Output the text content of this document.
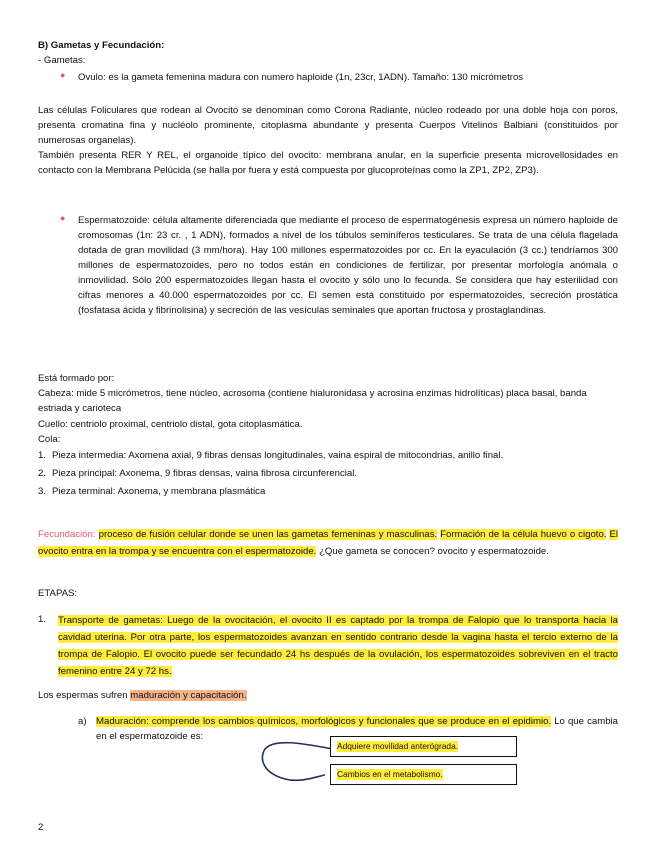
B) Gametas y Fecundación:
- Gametas:
● Ovulo: es la gameta femenina madura con numero haploide (1n, 23cr, 1ADN). Tamaño: 130 micrómetros
Las células Foliculares que rodean al Ovocito se denominan como Corona Radiante, núcleo rodeado por una doble hoja con poros, presenta cromatina fina y nucléolo prominente, citoplasma abundante y presenta Cuerpos Vitelinos Balbiani (constituidos por numerosas organelas).
También presenta RER Y REL, el organoide típico del ovocito: membrana anular, en la superficie presenta microvellosidades en contacto con la Membrana Pelúcida (se halla por fuera y está compuesta por glucoproteínas como la ZP1, ZP2, ZP3).
● Espermatozoide: célula altamente diferenciada que mediante el proceso de espermatogénesis expresa un número haploide de cromosomas (1n: 23 cr. , 1 ADN), formados a nivel de los túbulos seminíferos testiculares. Se trata de una célula flagelada dotada de gran movilidad (3 mm/hora). Hay 100 millones espermatozoides por cc. En la eyaculación (3 cc.) tendríamos 300 millones de espermatozoides, pero no todos están en condiciones de fertilizar, por presentar morfología anómala o inmovilidad. Sólo 200 espermatozoides llegan hasta el ovocito y sólo uno lo fecunda. Se considera que hay esterilidad con cifras menores a 40.000 espermatozoides por cc. El semen está constituido por espermatozoides, secreción prostática (fosfatasa ácida y fibrinolisina) y secreción de las vesículas seminales que aportan fructosa y prostaglandinas.
Está formado por:
Cabeza: mide 5 micrómetros, tiene núcleo, acrosoma (contiene hialuronidasa y acrosina enzimas hidrolíticas) placa basal, banda estriada y carioteca
Cuello: centriolo proximal, centriolo distal, gota citoplasmática.
Cola:
1. Pieza intermedia: Axomena axial, 9 fibras densas longitudinales, vaina espiral de mitocondrias, anillo final.
2. Pieza principal: Axonema, 9 fibras densas, vaina fibrosa circunferencial.
3. Pieza terminal: Axonema, y membrana plasmática
Fecundación: proceso de fusión celular donde se unen las gametas femeninas y masculinas. Formación de la célula huevo o cigoto. El ovocito entra en la trompa y se encuentra con el espermatozoide. ¿Que gameta se conocen? ovocito y espermatozoide.
ETAPAS:
1. Transporte de gametas: Luego de la ovocitación, el ovocito II es captado por la trompa de Falopio que lo transporta hacia la cavidad uterina. Por otra parte, los espermatozoides avanzan en sentido contrario desde la vagina hasta el tercio externo de la trompa de Falopio. El ovocito puede ser fecundado 24 hs después de la ovulación, los espermatozoides sobreviven en el tracto femenino entre 24 y 72 hs.
Los espermas sufren maduración y capacitación.
a) Maduración: comprende los cambios químicos, morfológicos y funcionales que se produce en el epidimio. Lo que cambia en el espermatozoide es:
Adquiere movilidad anterógrada.
Cambios en el metabolismo.
2
